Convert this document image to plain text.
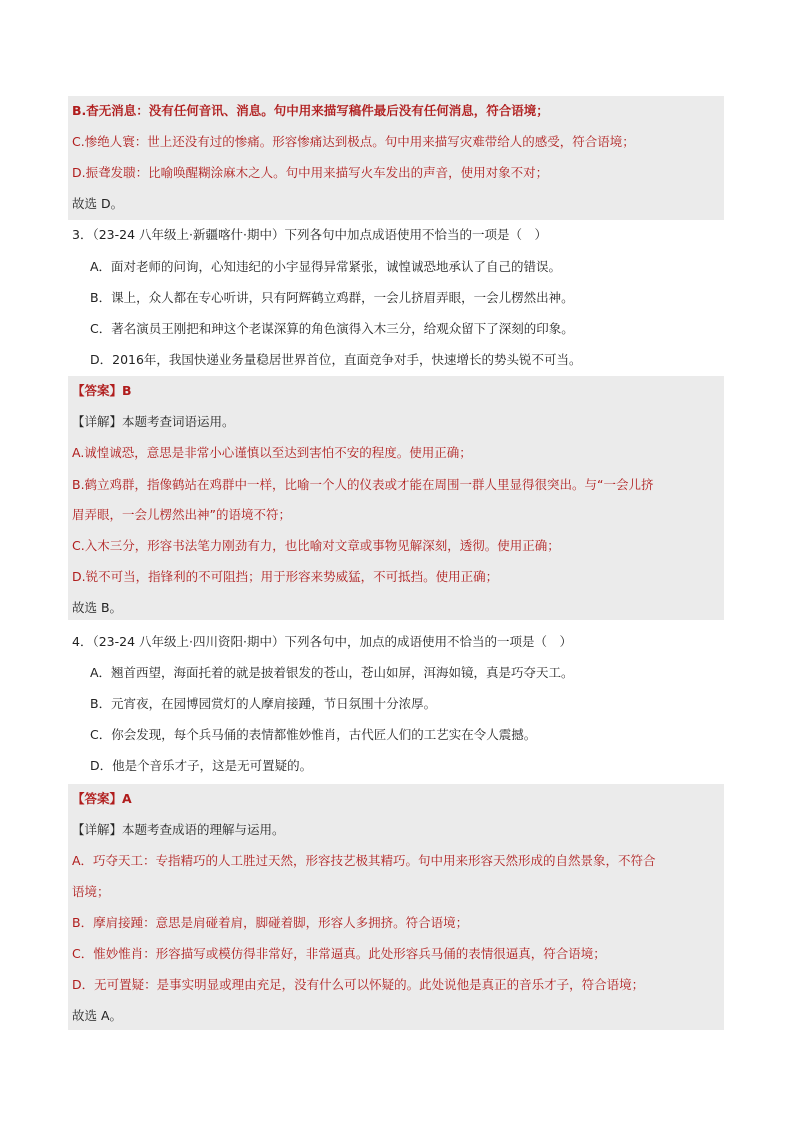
B.杳无消息：没有任何音讯、消息。句中用来描写稿件最后没有任何消息，符合语境；
C.惨绝人寰：世上还没有过的惨痛。形容惨痛达到极点。句中用来描写灾难带给人的感受，符合语境；
D.振聋发聩：比喻唤醒糊涂麻木之人。句中用来描写火车发出的声音，使用对象不对；
故选 D。
3．（23-24 八年级上·新疆喀什·期中）下列各句中加点成语使用不恰当的一项是（　）
A．面对老师的问询，心知违纪的小宇显得异常紧张，诚惶诚恐地承认了自己的错误。
B．课上，众人都在专心听讲，只有阿辉鹤立鸡群，一会儿挤眉弄眼，一会儿楞然出神。
C．著名演员王刚把和珅这个老谋深算的角色演得入木三分，给观众留下了深刻的印象。
D．2016年，我国快递业务量稳居世界首位，直面竞争对手，快速增长的势头锐不可当。
【答案】B
【详解】本题考查词语运用。
A.诚惶诚恐，意思是非常小心谨慎以至达到害怕不安的程度。使用正确；
B.鹤立鸡群，指像鹤站在鸡群中一样，比喻一个人的仪表或才能在周围一群人里显得很突出。与“一会儿挤
眉弄眼，一会儿楞然出神”的语境不符；
C.入木三分，形容书法笔力刚劲有力，也比喻对文章或事物见解深刻，透彻。使用正确；
D.锐不可当，指锋利的不可阻挡；用于形容来势威猛，不可抵挡。使用正确；
故选 B。
4．（23-24 八年级上·四川资阳·期中）下列各句中，加点的成语使用不恰当的一项是（　）
A．翘首西望，海面托着的就是披着银发的苍山，苍山如屏，洱海如镜，真是巧夺天工。
B．元宵夜，在园博园赏灯的人摩肩接踵，节日氛围十分浓厚。
C．你会发现，每个兵马俑的表情都惟妙惟肖，古代匠人们的工艺实在令人震撼。
D．他是个音乐才子，这是无可置疑的。
【答案】A
【详解】本题考查成语的理解与运用。
A．巧夺天工：专指精巧的人工胜过天然，形容技艺极其精巧。句中用来形容天然形成的自然景象，不符合
语境；
B．摩肩接踵：意思是肩碰着肩，脚碰着脚，形容人多拥挤。符合语境；
C．惟妙惟肖：形容描写或模仿得非常好，非常逼真。此处形容兵马俑的表情很逼真，符合语境；
D．无可置疑：是事实明显或理由充足，没有什么可以怀疑的。此处说他是真正的音乐才子，符合语境；
故选 A。
